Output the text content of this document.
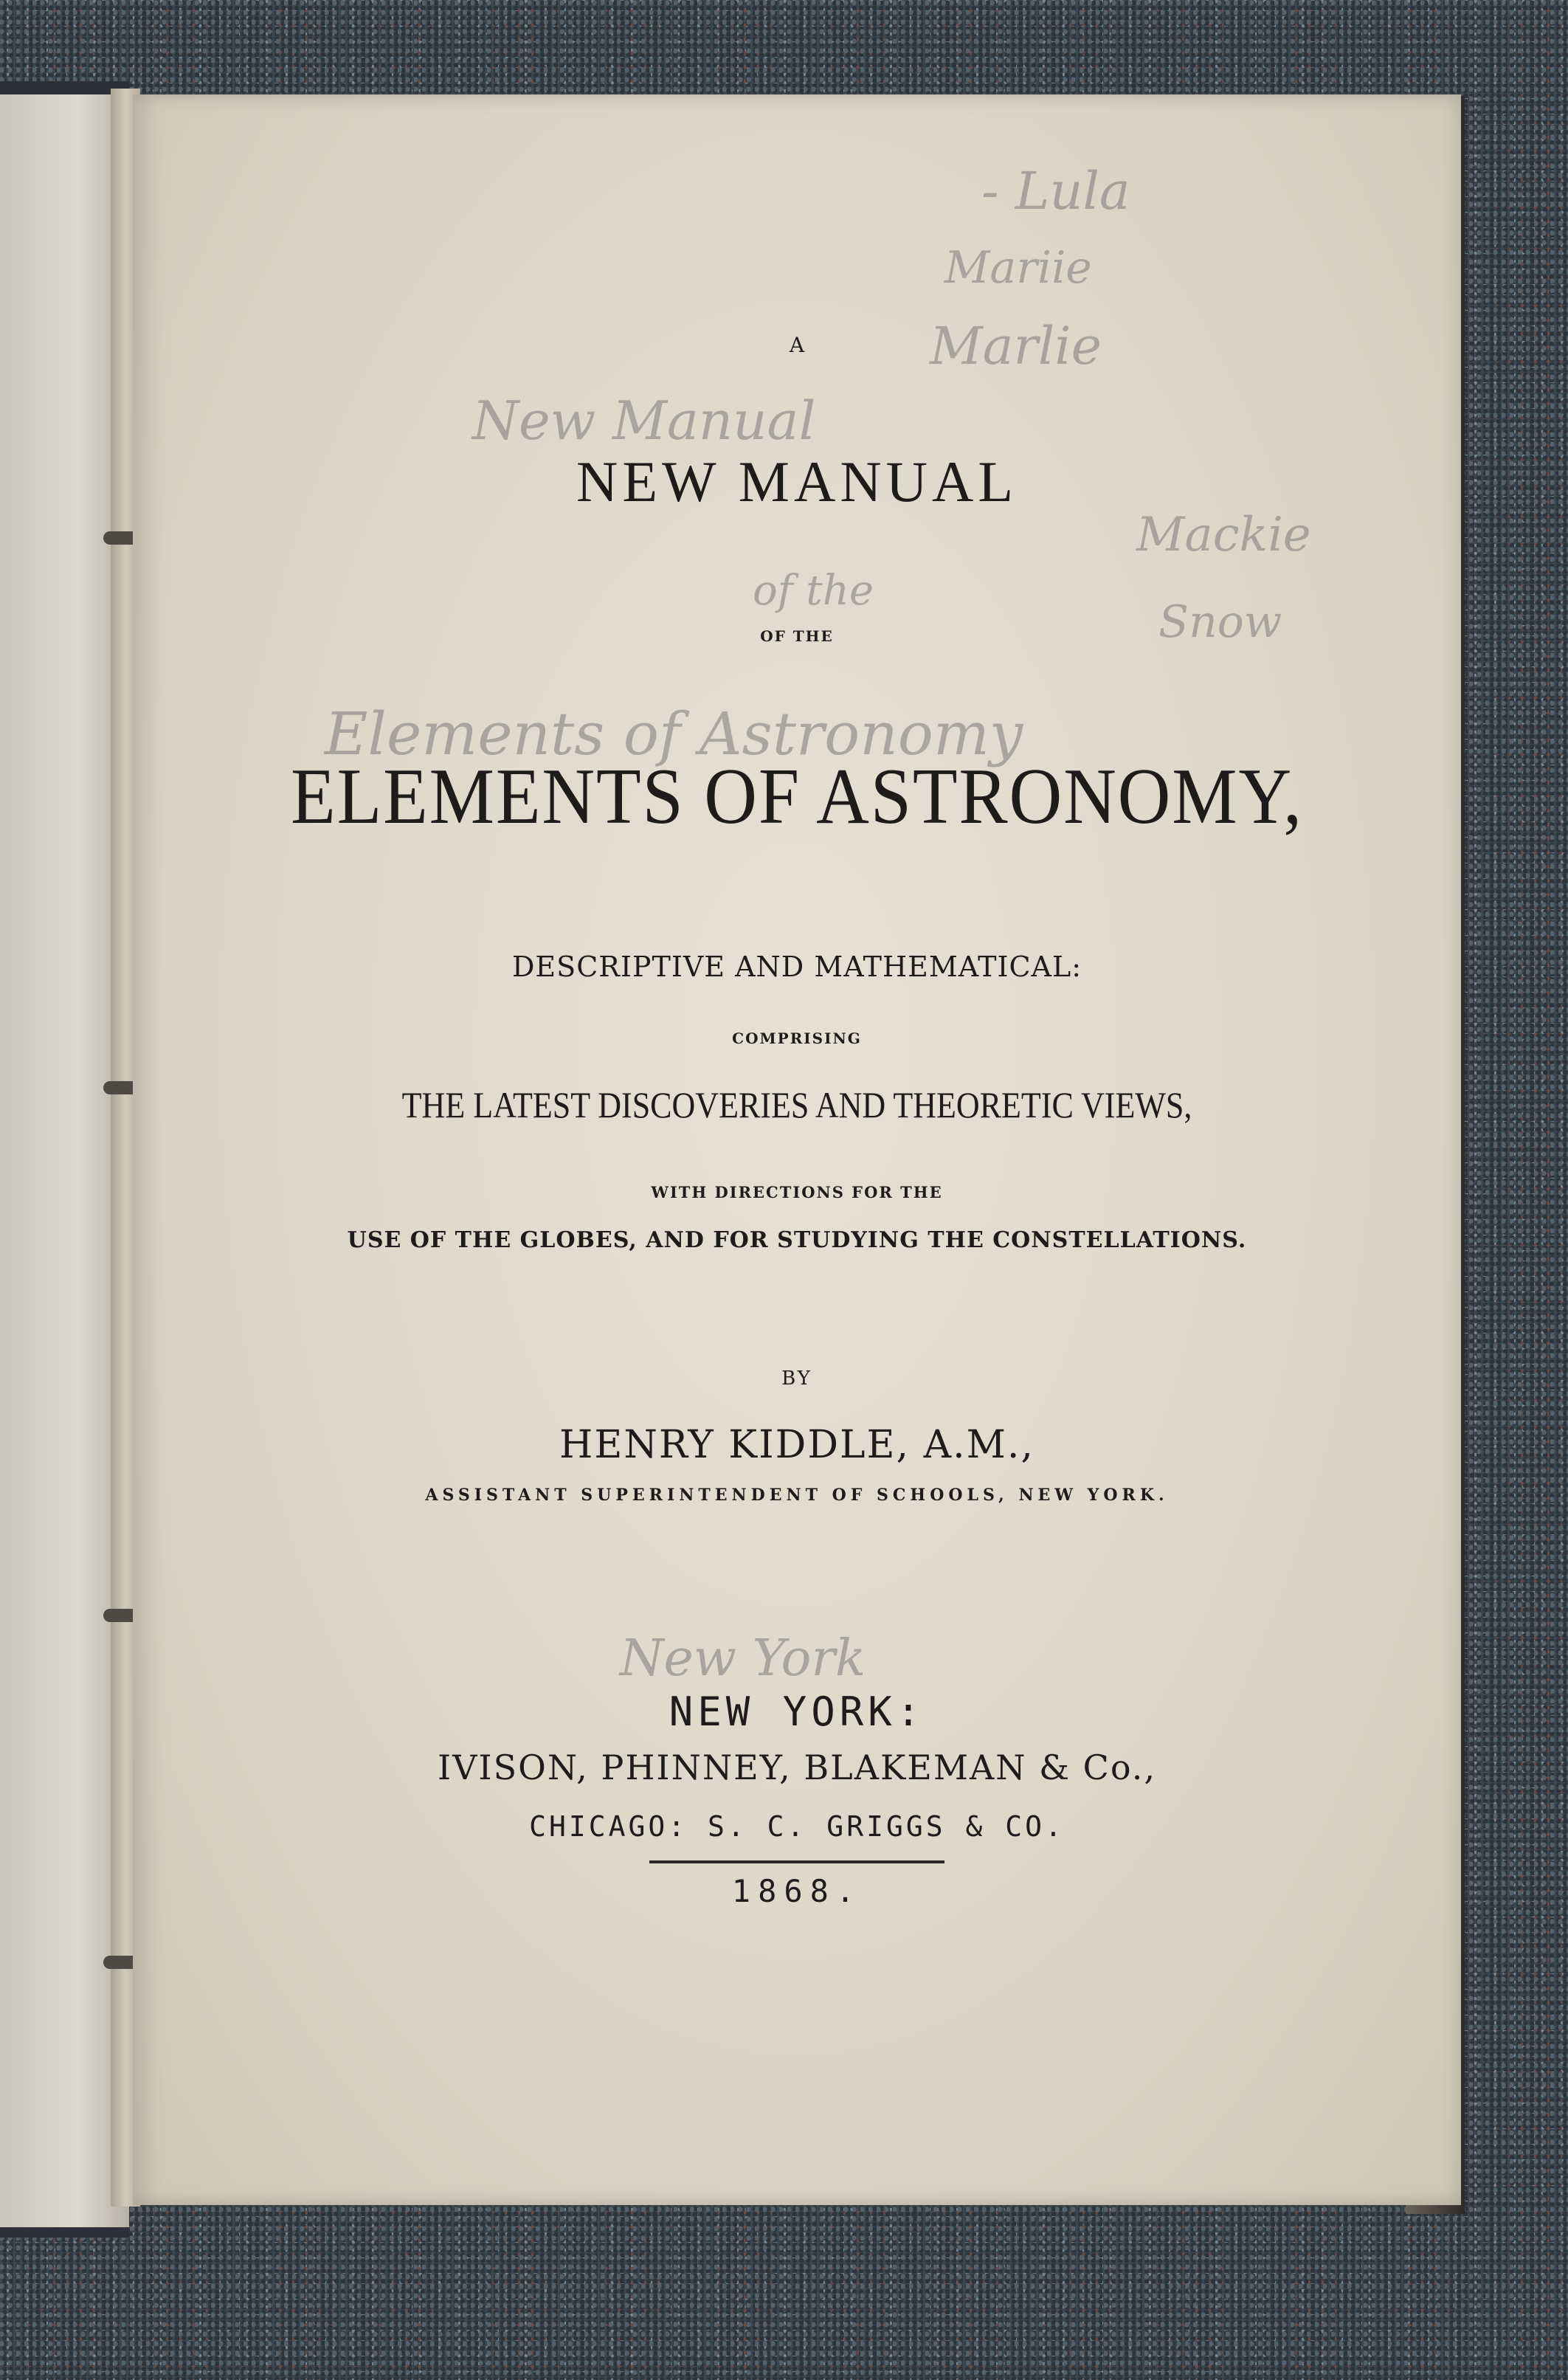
- Lula
Mariie
Marlie
Mackie
Snow
New Manual
of the
Elements of Astronomy
New York
A
NEW MANUAL
OF THE
ELEMENTS OF ASTRONOMY,
DESCRIPTIVE AND MATHEMATICAL:
COMPRISING
THE LATEST DISCOVERIES AND THEORETIC VIEWS,
WITH DIRECTIONS FOR THE
USE OF THE GLOBES, AND FOR STUDYING THE CONSTELLATIONS.
BY
HENRY KIDDLE, A.M.,
ASSISTANT SUPERINTENDENT OF SCHOOLS, NEW YORK.
NEW YORK:
IVISON, PHINNEY, BLAKEMAN & Co.,
CHICAGO: S. C. GRIGGS & CO.
1868.
